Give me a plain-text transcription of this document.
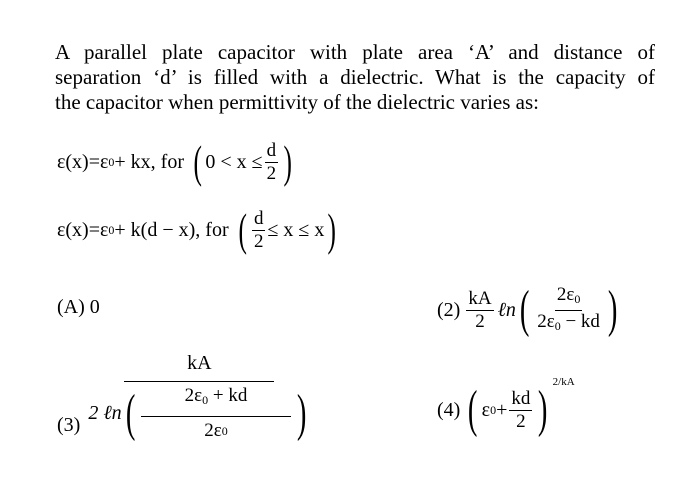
A parallel plate capacitor with plate area ‘A’ and distance of
separation ‘d’ is filled with a dielectric. What is the capacity of
the capacitor when permittivity of the dielectric varies as:
ε(x)=ε 0 + kx, for ( $0 < x \le \frac{d}{2}$ )
ε(x)=ε 0 + k(d − x), for ( $\frac{d}{2} \le x \le x$ )
(A) 0	$(2) \frac{kA}{2}$ ℓn ( $\frac{2\varepsilon_0}{2\varepsilon_0 - kd}$ )
(3)
kA
2 ℓn ( $\frac{2\varepsilon_0 + kd}{2\varepsilon 0}$ )	(4) ( ε $0 + \frac{kd}{2}$ ) 2/kA
